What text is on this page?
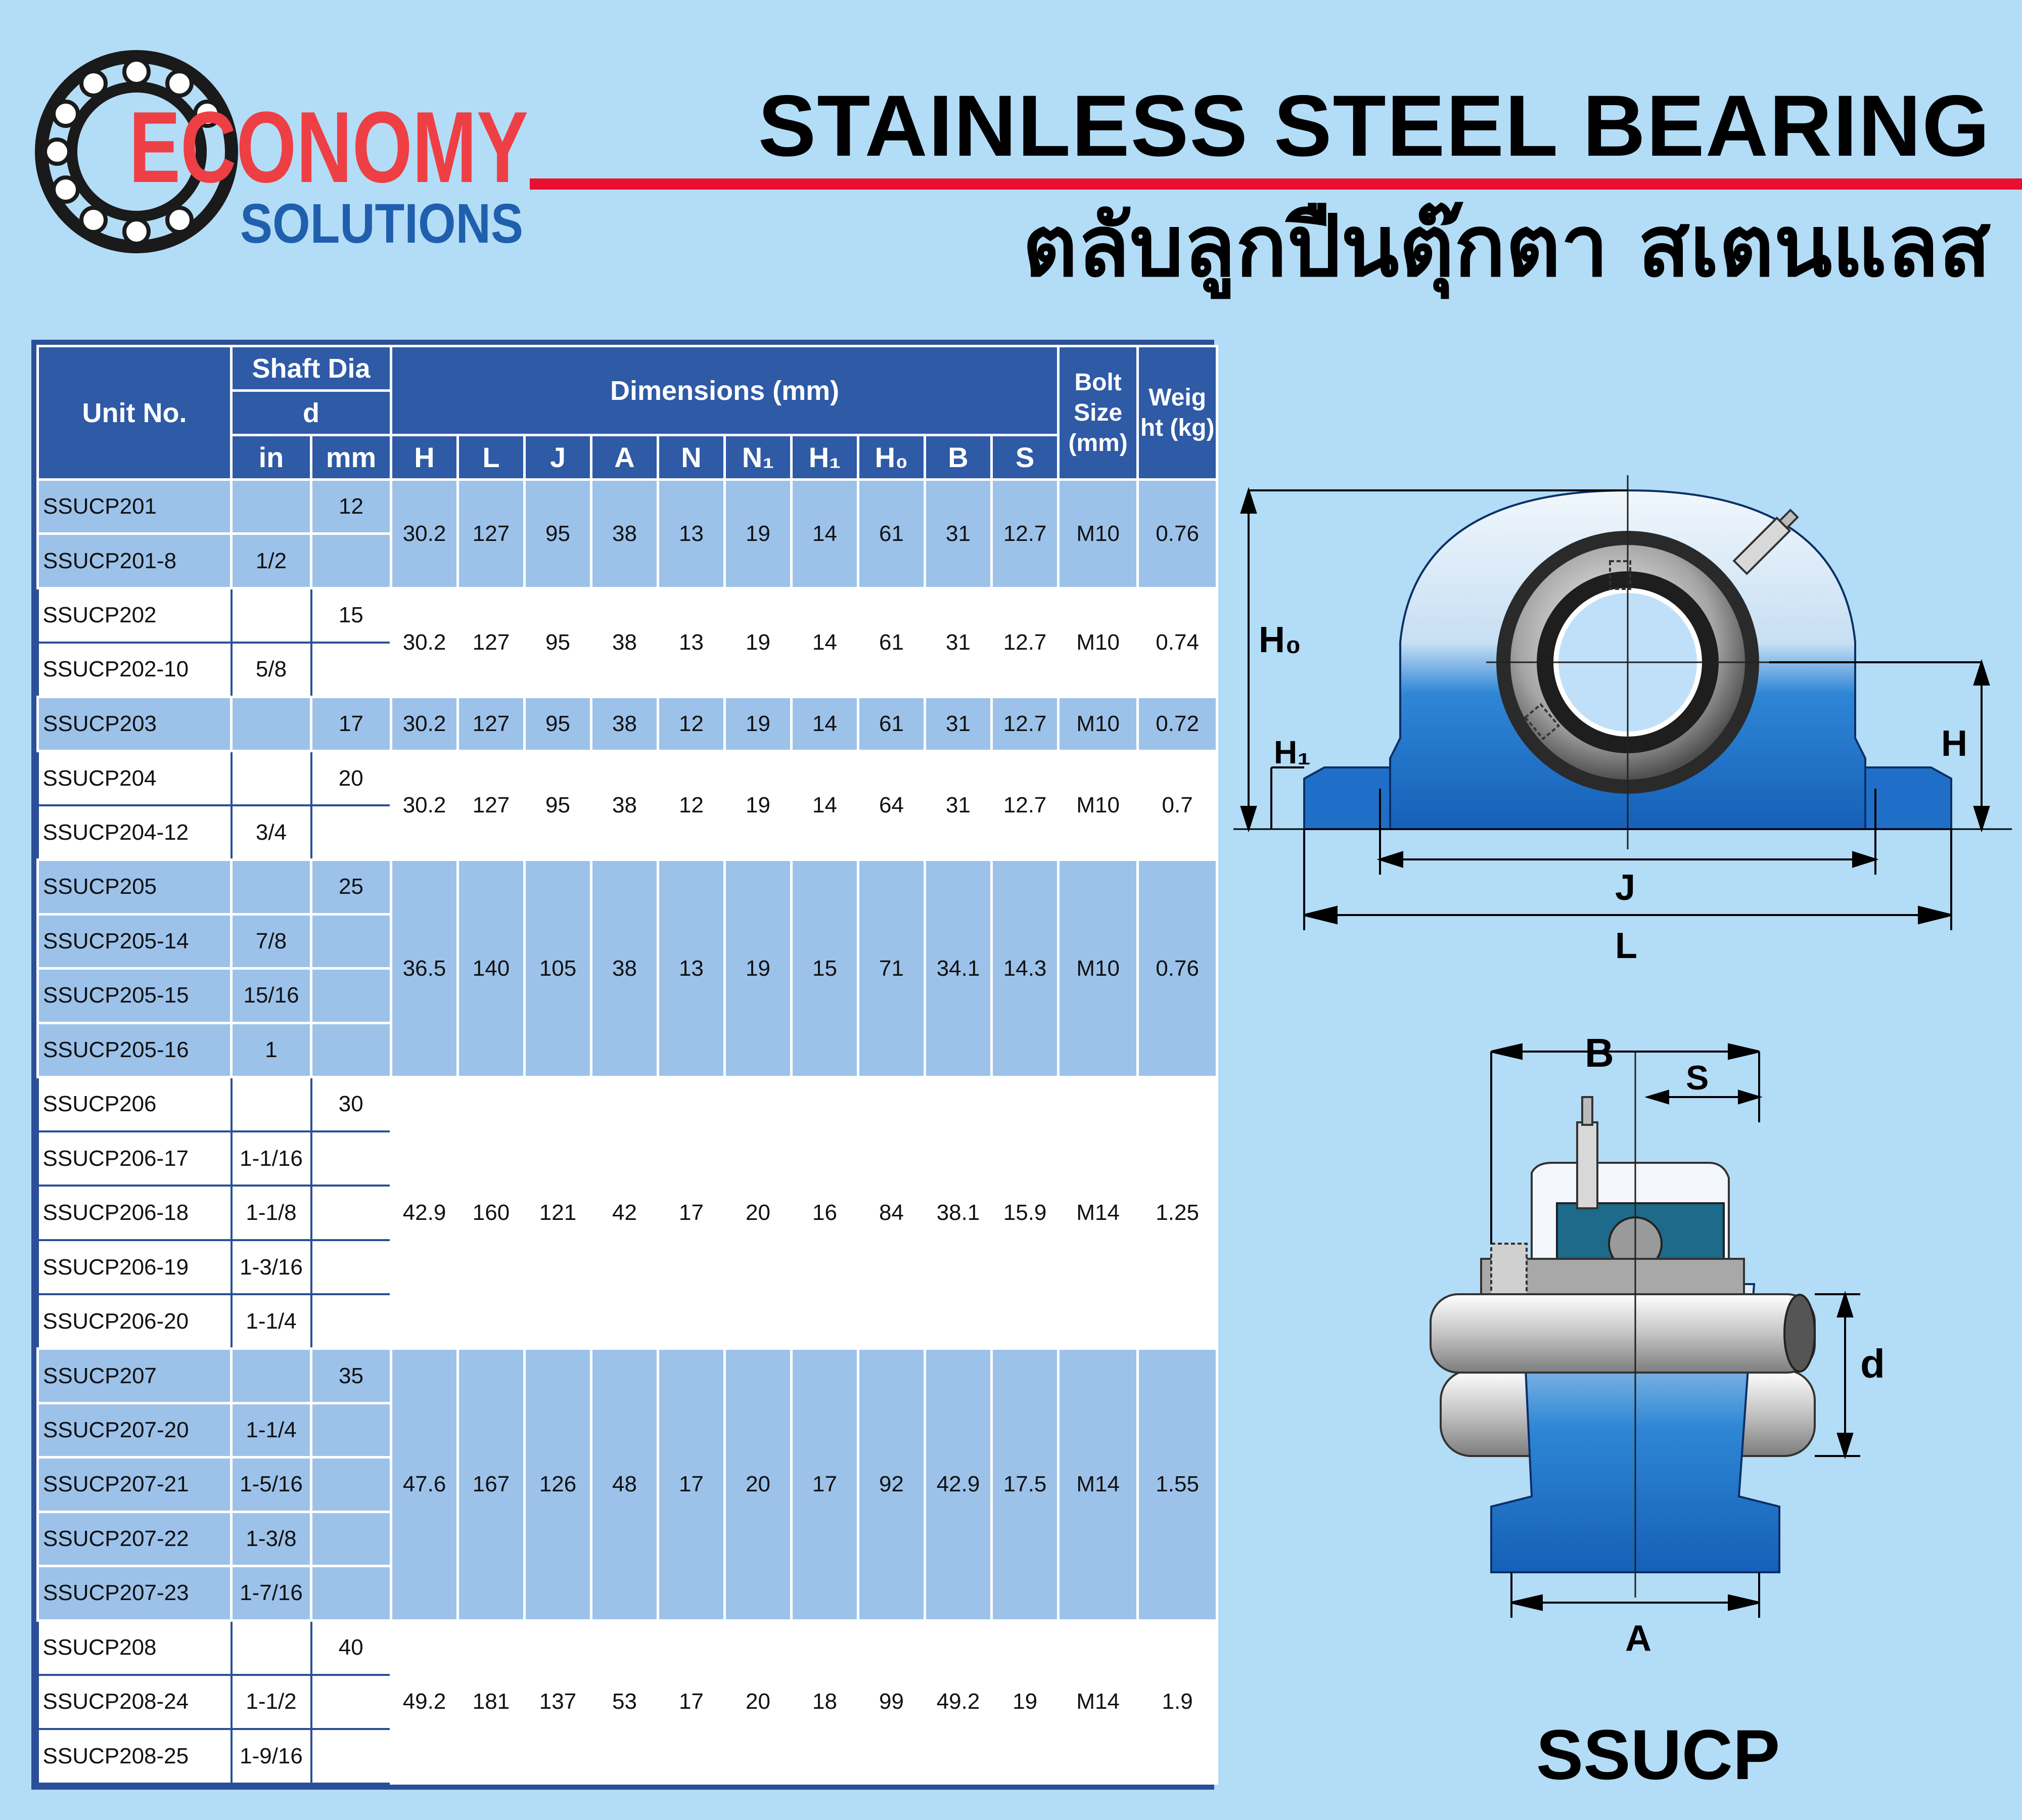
ECONOMY
SOLUTIONS
STAINLESS STEEL BEARING
ตลับลูกปืนตุ๊กตา สเตนแลส
Unit No.	Shaft Dia		Dimensions (mm)										Bolt Size (mm)	Weig ht (kg)
	d													
	in	mm	H	L	J	A	N	N₁	H₁	H₀	B	S		
SSUCP201		12	30.2	127	95	38	13	19	14	61	31	12.7	M10	0.76
SSUCP201-8	1/2													
SSUCP202		15	30.2	127	95	38	13	19	14	61	31	12.7	M10	0.74
SSUCP202-10	5/8													
SSUCP203		17	30.2	127	95	38	12	19	14	61	31	12.7	M10	0.72
SSUCP204		20	30.2	127	95	38	12	19	14	64	31	12.7	M10	0.7
SSUCP204-12	3/4													
SSUCP205		25	36.5	140	105	38	13	19	15	71	34.1	14.3	M10	0.76
SSUCP205-14	7/8													
SSUCP205-15	15/16													
SSUCP205-16	1													
SSUCP206		30	42.9	160	121	42	17	20	16	84	38.1	15.9	M14	1.25
SSUCP206-17	1-1/16													
SSUCP206-18	1-1/8													
SSUCP206-19	1-3/16													
SSUCP206-20	1-1/4													
SSUCP207		35	47.6	167	126	48	17	20	17	92	42.9	17.5	M14	1.55
SSUCP207-20	1-1/4													
SSUCP207-21	1-5/16													
SSUCP207-22	1-3/8													
SSUCP207-23	1-7/16													
SSUCP208		40	49.2	181	137	53	17	20	18	99	49.2	19	M14	1.9
SSUCP208-24	1-1/2													
SSUCP208-25	1-9/16													
H₀
H₁	H
J
L
B
S
d
A
SSUCP
